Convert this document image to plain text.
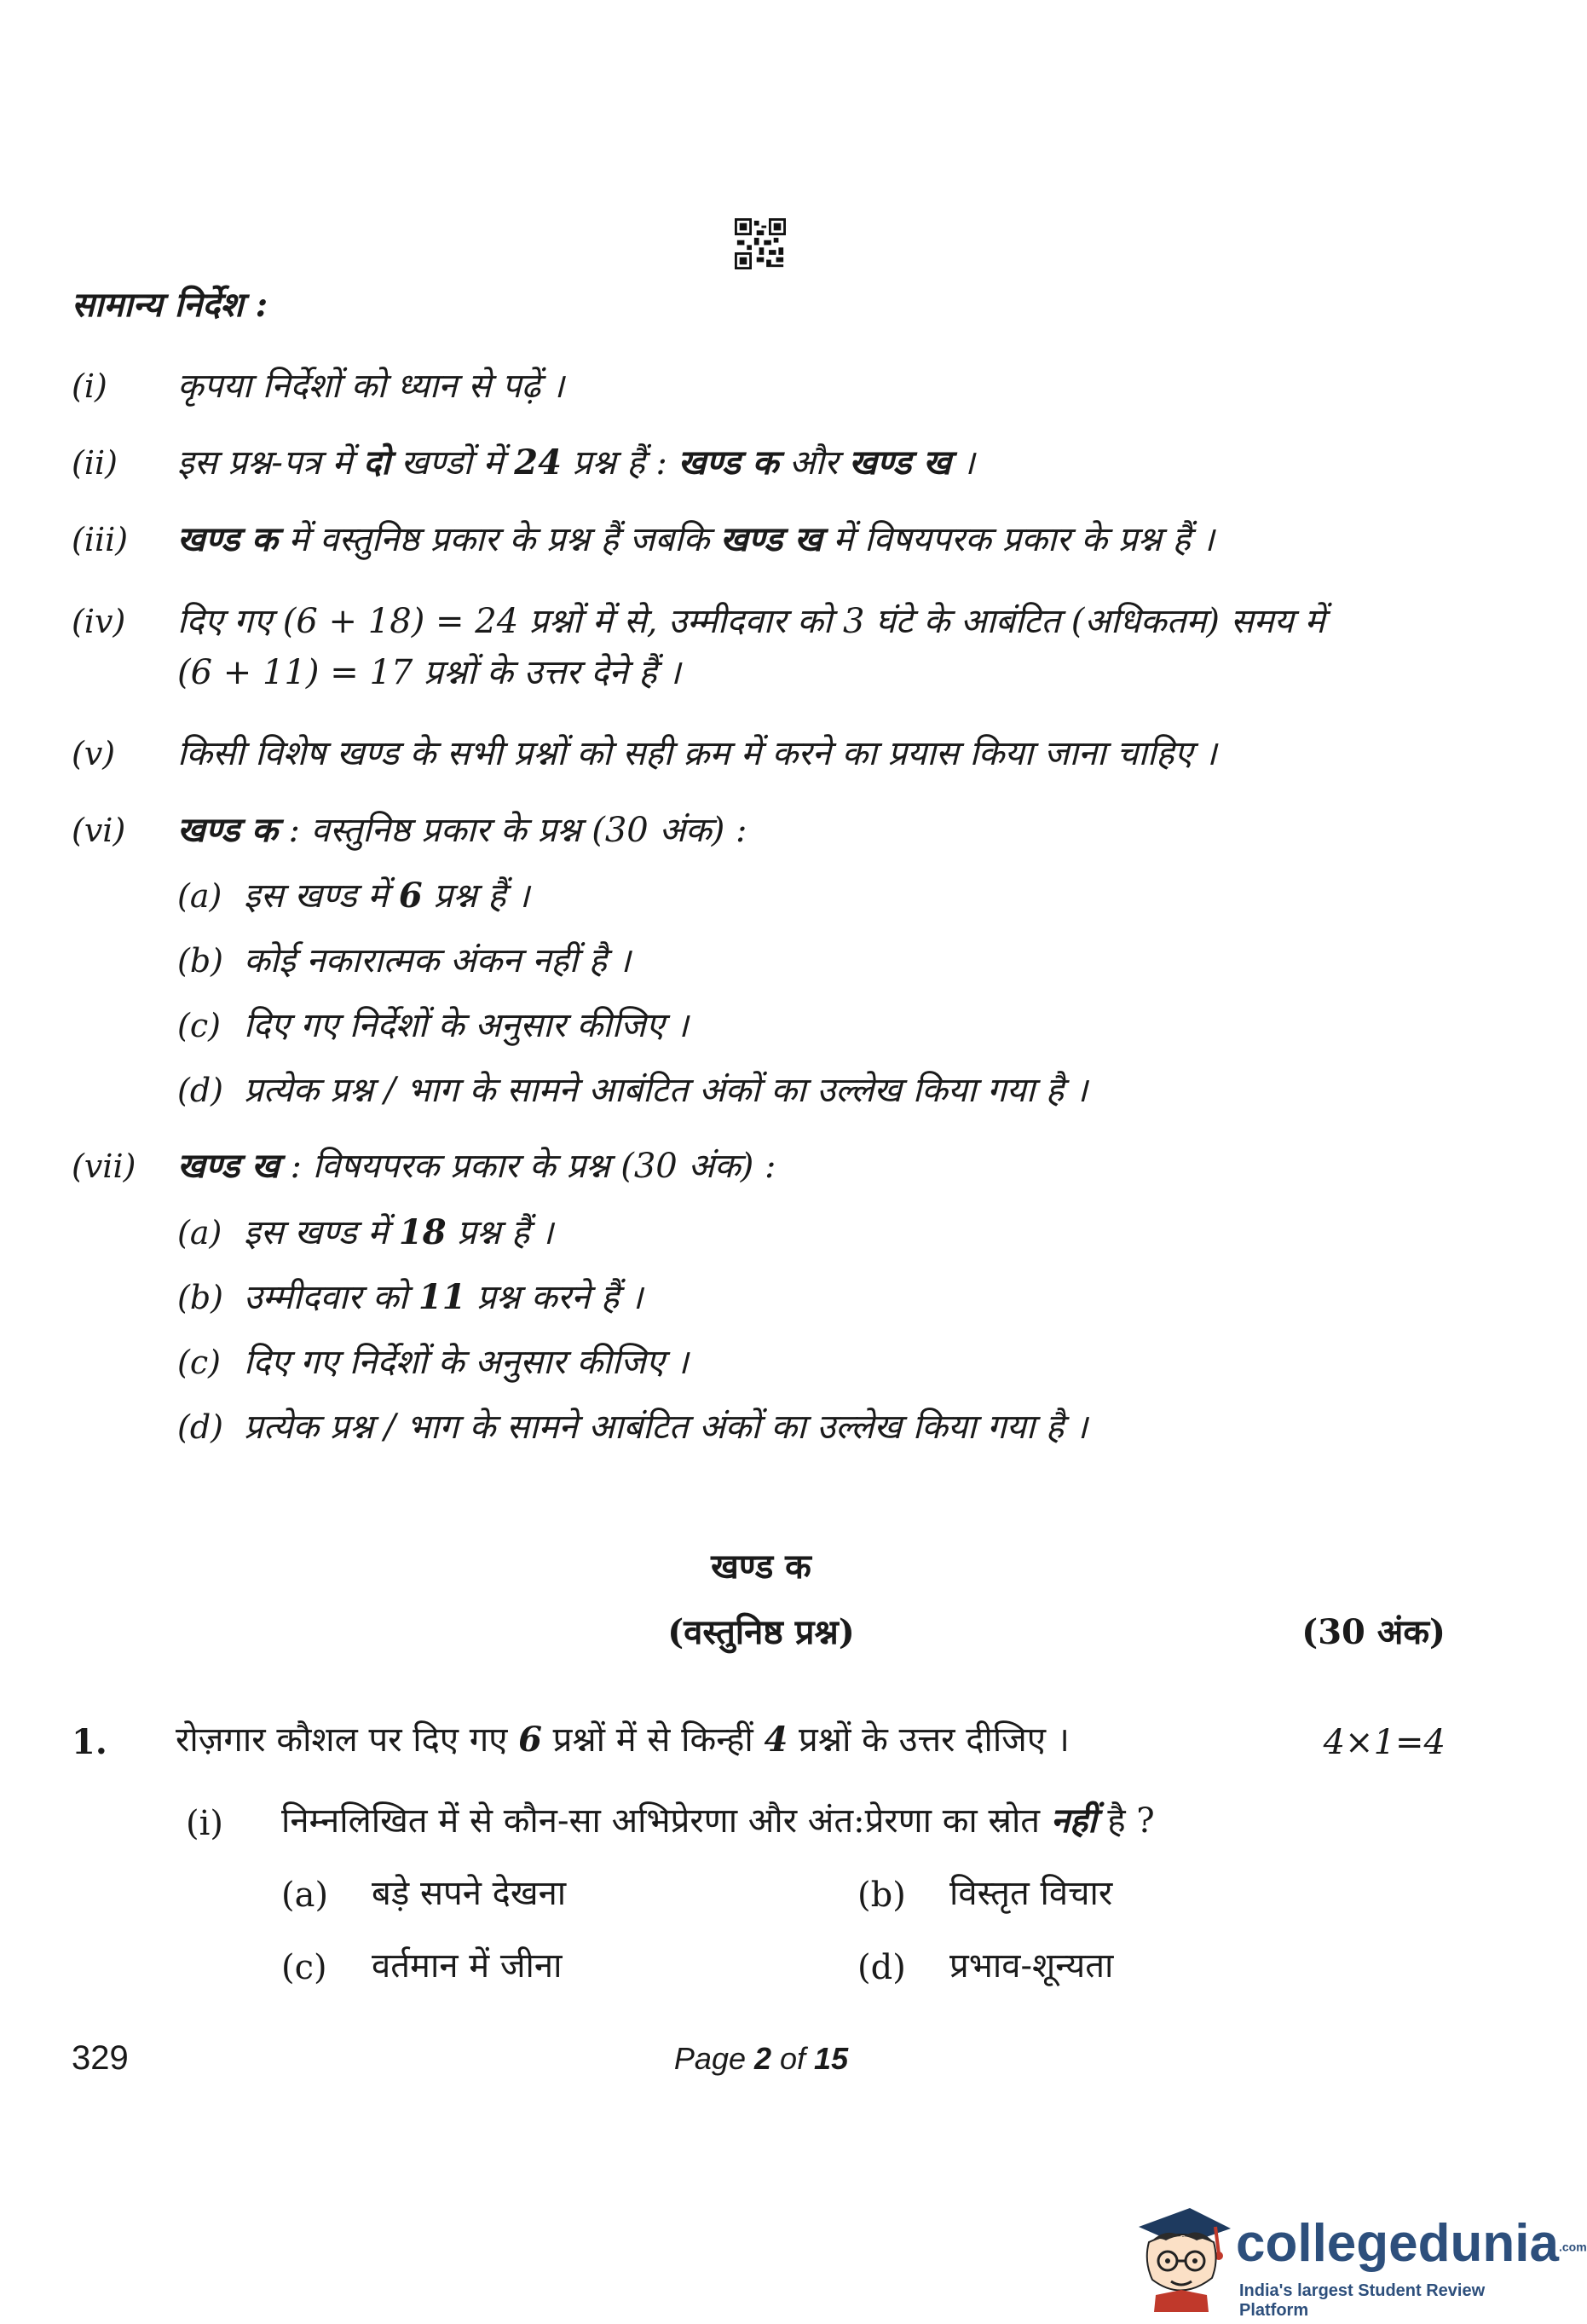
सामान्य निर्देश :
(i) कृपया निर्देशों को ध्यान से पढ़ें ।
(ii) इस प्रश्न-पत्र में दो खण्डों में 24 प्रश्न हैं : खण्ड क और खण्ड ख ।
(iii) खण्ड क में वस्तुनिष्ठ प्रकार के प्रश्न हैं जबकि खण्ड ख में विषयपरक प्रकार के प्रश्न हैं ।
(iv) दिए गए (6 + 18) = 24 प्रश्नों में से, उम्मीदवार को 3 घंटे के आबंटित (अधिकतम) समय में
(6 + 11) = 17 प्रश्नों के उत्तर देने हैं ।
(v) किसी विशेष खण्ड के सभी प्रश्नों को सही क्रम में करने का प्रयास किया जाना चाहिए ।
(vi) खण्ड क : वस्तुनिष्ठ प्रकार के प्रश्न (30 अंक) :
(a) इस खण्ड में 6 प्रश्न हैं ।
(b) कोई नकारात्मक अंकन नहीं है ।
(c) दिए गए निर्देशों के अनुसार कीजिए ।
(d) प्रत्येक प्रश्न / भाग के सामने आबंटित अंकों का उल्लेख किया गया है ।
(vii) खण्ड ख : विषयपरक प्रकार के प्रश्न (30 अंक) :
(a) इस खण्ड में 18 प्रश्न हैं ।
(b) उम्मीदवार को 11 प्रश्न करने हैं ।
(c) दिए गए निर्देशों के अनुसार कीजिए ।
(d) प्रत्येक प्रश्न / भाग के सामने आबंटित अंकों का उल्लेख किया गया है ।
खण्ड क
(वस्तुनिष्ठ प्रश्न)	(30 अंक)
1. रोज़गार कौशल पर दिए गए 6 प्रश्नों में से किन्हीं 4 प्रश्नों के उत्तर दीजिए ।	4×1=4
(i) निम्नलिखित में से कौन-सा अभिप्रेरणा और अंत:प्रेरणा का स्रोत नहीं है ?
(a) बड़े सपने देखना	(b) विस्तृत विचार
(c) वर्तमान में जीना	(d) प्रभाव-शून्यता
329	Page 2 of 15
collegedunia.com
India's largest Student Review Platform
